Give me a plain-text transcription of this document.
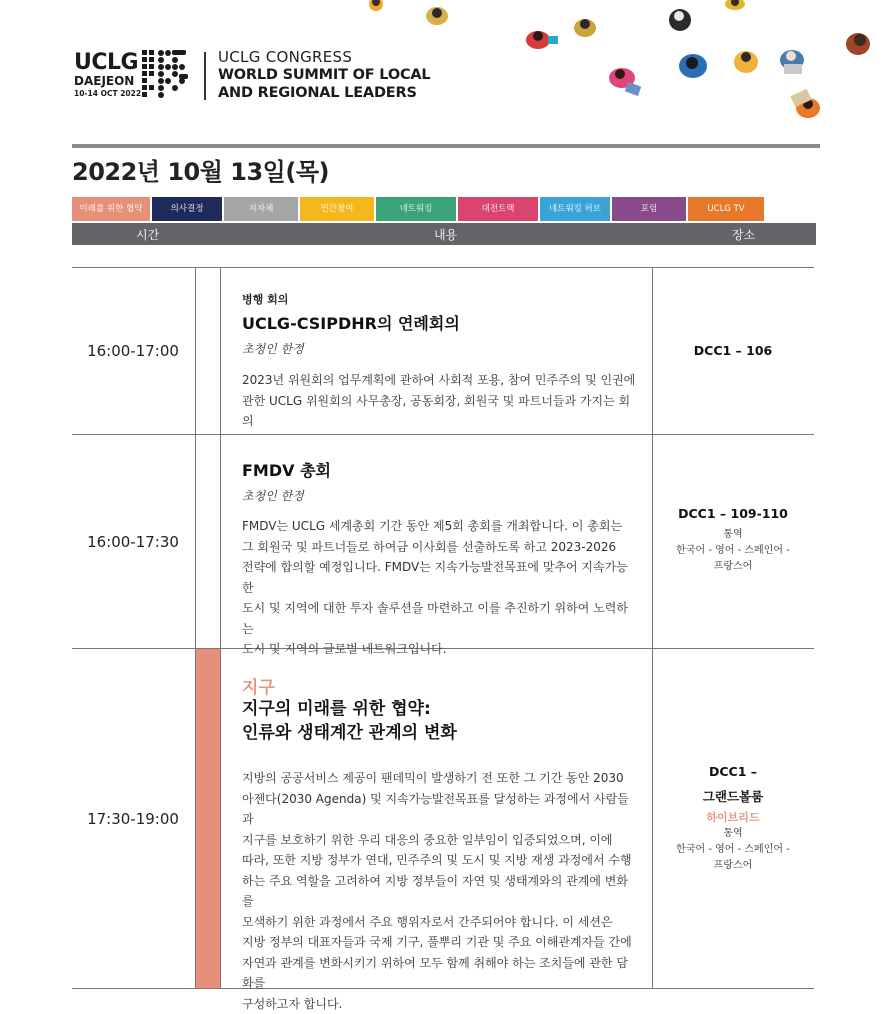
UCLG
DAEJEON
10-14 OCT 2022
UCLG CONGRESS
WORLD SUMMIT OF LOCAL
AND REGIONAL LEADERS
2022년 10월 13일(목)
미래를 위한 협약	의사결정	지자체	민간참여	네트워킹	대전트랙	네트워킹 허브	포럼	UCLG TV
시간	내용	장소
16:00-17:00
병행 회의
UCLG-CSIPDHR의 연례회의
초청인 한정
2023년 위원회의 업무계획에 관하여 사회적 포용, 참여 민주주의 및 인권에
관한 UCLG 위원회의 사무총장, 공동회장, 회원국 및 파트너들과 가지는 회의
DCC1 – 106
16:00-17:30
FMDV 총회
초청인 한정
FMDV는 UCLG 세계총회 기간 동안 제5회 총회를 개최합니다. 이 총회는
그 회원국 및 파트너들로 하여금 이사회를 선출하도록 하고 2023-2026
전략에 합의할 예정입니다. FMDV는 지속가능발전목표에 맞추어 지속가능한
도시 및 지역에 대한 투자 솔루션을 마련하고 이를 추진하기 위하여 노력하는
도시 및 지역의 글로벌 네트워크입니다.
DCC1 – 109-110
통역
한국어 - 영어 - 스페인어 -
프랑스어
17:30-19:00
지구
지구의 미래를 위한 협약:
인류와 생태계간 관계의 변화
지방의 공공서비스 제공이 팬데믹이 발생하기 전 또한 그 기간 동안 2030
아젠다(2030 Agenda) 및 지속가능발전목표를 달성하는 과정에서 사람들과
지구를 보호하기 위한 우리 대응의 중요한 일부임이 입증되었으며, 이에
따라, 또한 지방 정부가 연대, 민주주의 및 도시 및 지방 재생 과정에서 수행
하는 주요 역할을 고려하여 지방 정부들이 자연 및 생태계와의 관계에 변화를
모색하기 위한 과정에서 주요 행위자로서 간주되어야 합니다. 이 세션은
지방 정부의 대표자들과 국제 기구, 풀뿌리 기관 및 주요 이해관계자들 간에
자연과 관계를 변화시키기 위하여 모두 함께 취해야 하는 조치들에 관한 담화를
구성하고자 합니다.
DCC1 –
그랜드볼룸
하이브리드
통역
한국어 - 영어 - 스페인어 -
프랑스어
